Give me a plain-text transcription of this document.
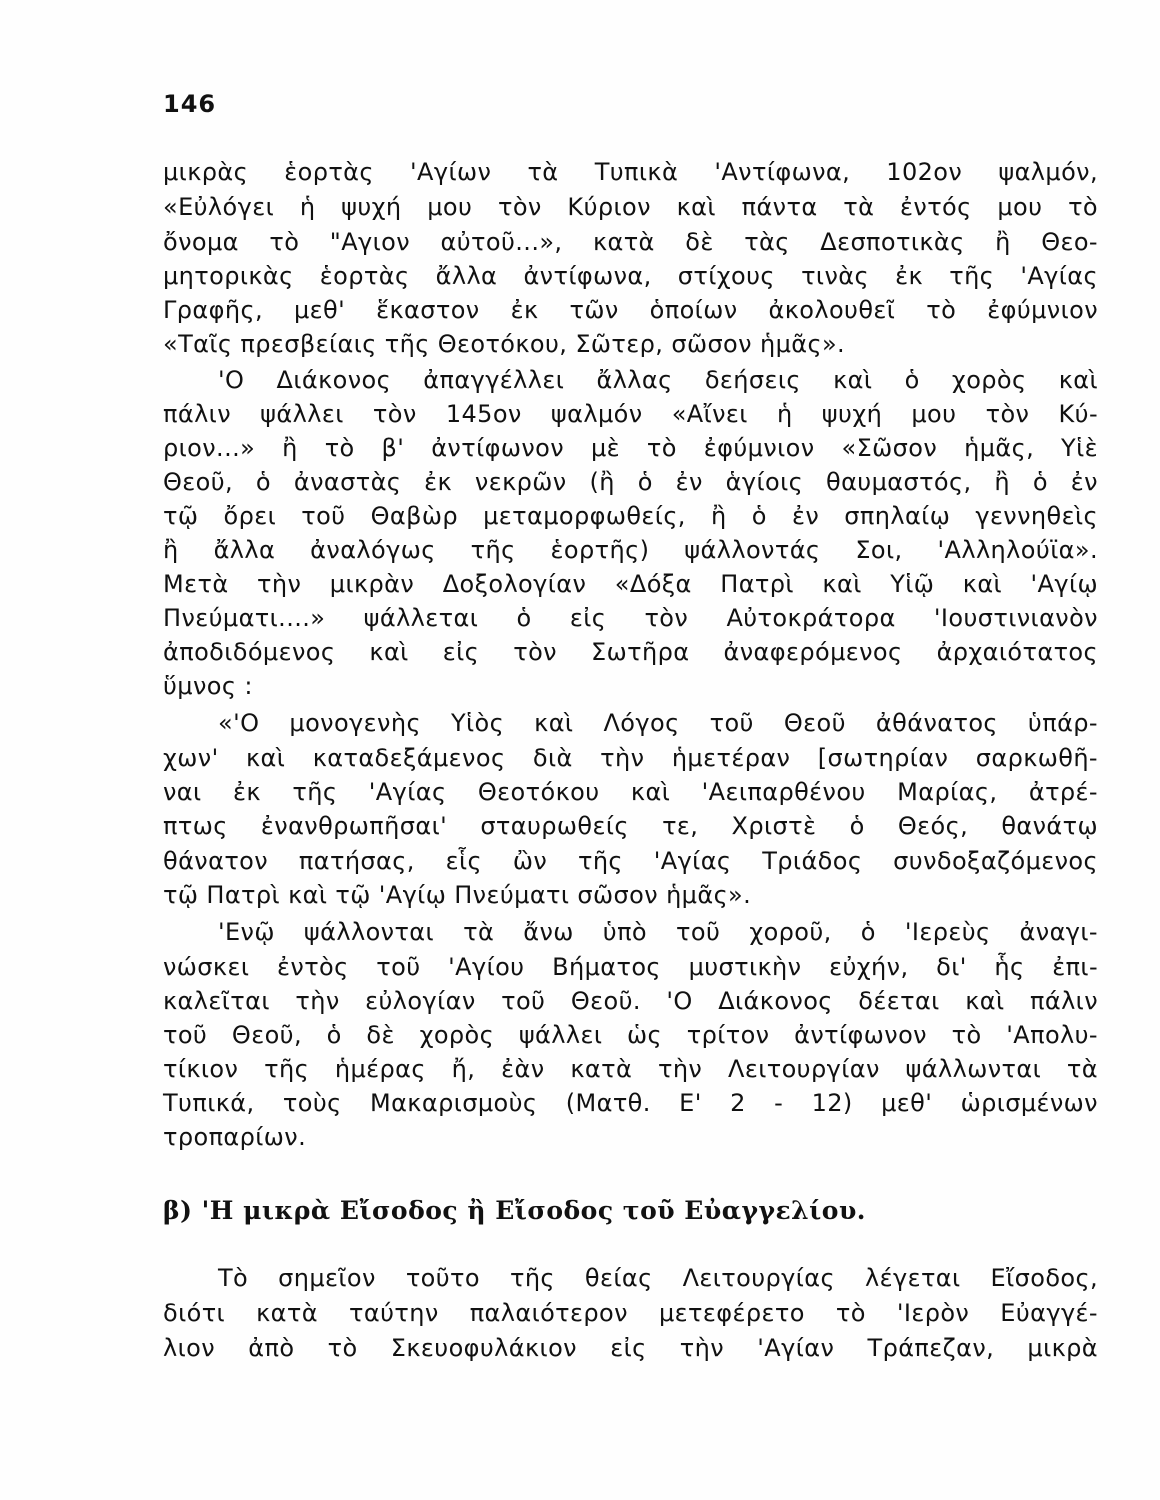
146
μικρὰς ἑορτὰς 'Αγίων τὰ Τυπικὰ 'Αντίφωνα, 102ον ψαλμόν,
«Εὐλόγει ἡ ψυχή μου τὸν Κύριον καὶ πάντα τὰ ἐντός μου τὸ
ὄνομα τὸ "Αγιον αὐτοῦ...», κατὰ δὲ τὰς Δεσποτικὰς ἢ Θεο-
μητορικὰς ἑορτὰς ἄλλα ἀντίφωνα, στίχους τινὰς ἐκ τῆς 'Αγίας
Γραφῆς, μεθ' ἕκαστον ἐκ τῶν ὁποίων ἀκολουθεῖ τὸ ἐφύμνιον
«Ταῖς πρεσβείαις τῆς Θεοτόκου, Σῶτερ, σῶσον ἡμᾶς».
'Ο Διάκονος ἀπαγγέλλει ἄλλας δεήσεις καὶ ὁ χορὸς καὶ
πάλιν ψάλλει τὸν 145ον ψαλμόν «Αἴνει ἡ ψυχή μου τὸν Κύ-
ριον...» ἢ τὸ β' ἀντίφωνον μὲ τὸ ἐφύμνιον «Σῶσον ἡμᾶς, Υἱὲ
Θεοῦ, ὁ ἀναστὰς ἐκ νεκρῶν (ἢ ὁ ἐν ἁγίοις θαυμαστός, ἢ ὁ ἐν
τῷ ὄρει τοῦ Θαβὼρ μεταμορφωθείς, ἢ ὁ ἐν σπηλαίῳ γεννηθεὶς
ἢ ἄλλα ἀναλόγως τῆς ἑορτῆς) ψάλλοντάς Σοι, 'Αλληλούϊα».
Μετὰ τὴν μικρὰν Δοξολογίαν «Δόξα Πατρὶ καὶ Υἱῷ καὶ 'Αγίῳ
Πνεύματι....» ψάλλεται ὁ εἰς τὸν Αὐτοκράτορα 'Ιουστινιανὸν
ἀποδιδόμενος καὶ εἰς τὸν Σωτῆρα ἀναφερόμενος ἀρχαιότατος
ὕμνος :
«'Ο μονογενὴς Υἱὸς καὶ Λόγος τοῦ Θεοῦ ἀθάνατος ὑπάρ-
χων' καὶ καταδεξάμενος διὰ τὴν ἡμετέραν [σωτηρίαν σαρκωθῆ-
ναι ἐκ τῆς 'Αγίας Θεοτόκου καὶ 'Αειπαρθένου Μαρίας, ἀτρέ-
πτως ἐνανθρωπῆσαι' σταυρωθείς τε, Χριστὲ ὁ Θεός, θανάτῳ
θάνατον πατήσας, εἷς ὢν τῆς 'Αγίας Τριάδος συνδοξαζόμενος
τῷ Πατρὶ καὶ τῷ 'Αγίῳ Πνεύματι σῶσον ἡμᾶς».
'Ενῷ ψάλλονται τὰ ἄνω ὑπὸ τοῦ χοροῦ, ὁ 'Ιερεὺς ἀναγι-
νώσκει ἐντὸς τοῦ 'Αγίου Βήματος μυστικὴν εὐχήν, δι' ἧς ἐπι-
καλεῖται τὴν εὐλογίαν τοῦ Θεοῦ. 'Ο Διάκονος δέεται καὶ πάλιν
τοῦ Θεοῦ, ὁ δὲ χορὸς ψάλλει ὡς τρίτον ἀντίφωνον τὸ 'Απολυ-
τίκιον τῆς ἡμέρας ἤ, ἐὰν κατὰ τὴν Λειτουργίαν ψάλλωνται τὰ
Τυπικά, τοὺς Μακαρισμοὺς (Ματθ. Ε' 2 - 12) μεθ' ὡρισμένων
τροπαρίων.
β) 'Η μικρὰ Εἴσοδος ἢ Εἴσοδος τοῦ Εὐαγγελίου.
Τὸ σημεῖον τοῦτο τῆς θείας Λειτουργίας λέγεται Εἴσοδος,
διότι κατὰ ταύτην παλαιότερον μετεφέρετο τὸ 'Ιερὸν Εὐαγγέ-
λιον ἀπὸ τὸ Σκευοφυλάκιον εἰς τὴν 'Αγίαν Τράπεζαν, μικρὰ
